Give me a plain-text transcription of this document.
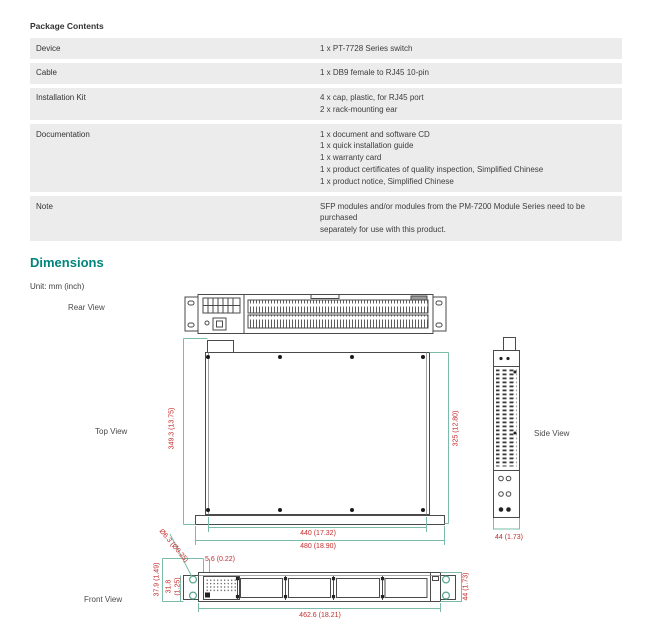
Package Contents
Device	1 x PT-7728 Series switch
Cable	1 x DB9 female to RJ45 10-pin
Installation Kit	4 x cap, plastic, for RJ45 port
2 x rack-mounting ear
Documentation	1 x document and software CD
1 x quick installation guide
1 x warranty card
1 x product certificates of quality inspection, Simplified Chinese
1 x product notice, Simplified Chinese
Note	SFP modules and/or modules from the PM-7200 Module Series need to be purchased
separately for use with this product.
Dimensions
Unit: mm (inch)
Rear View
Top View	Side View
Front View
349.3 (13.75)	325 (12.80)
440 (17.32)
480 (18.90)
Ø6.3 (Ø0.25)	5.6 (0.22)
37.9 (1.49) 31.8 (1.25)
462.6 (18.21)
44 (1.73)
44 (1.73)
